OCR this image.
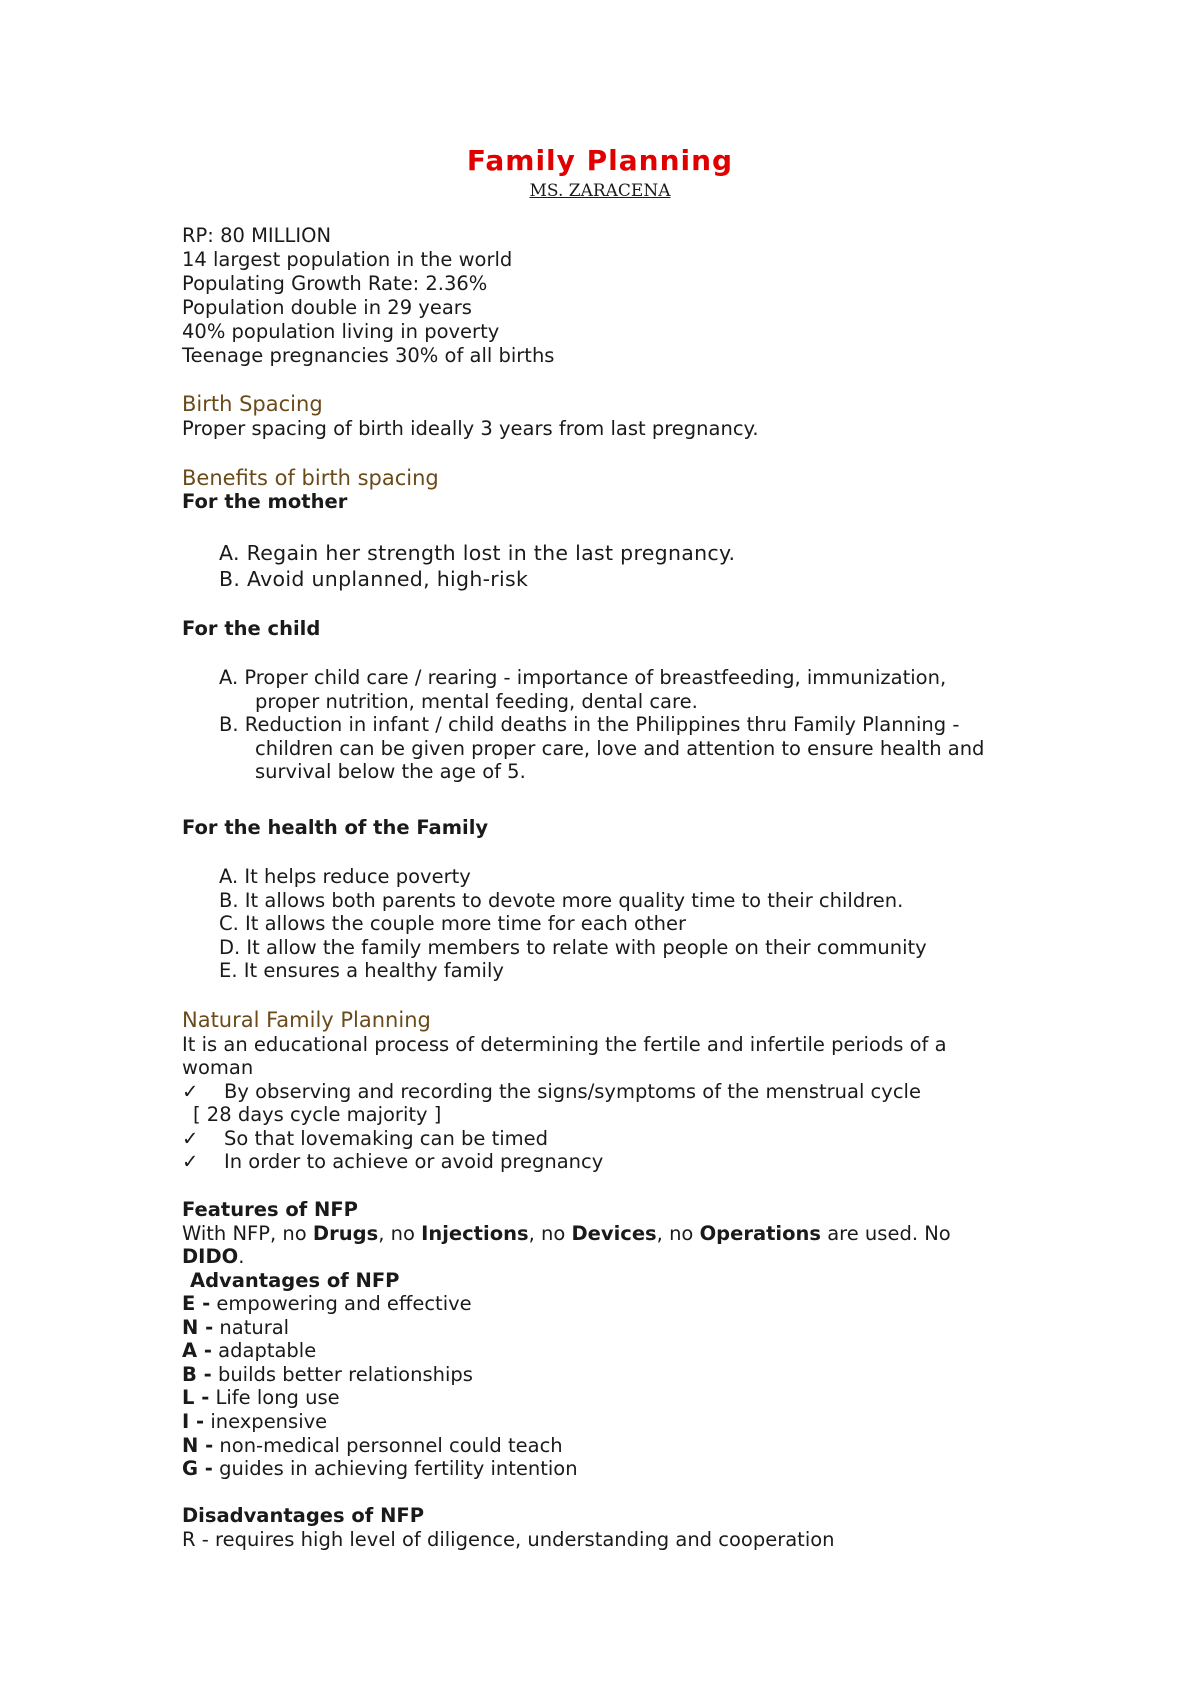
Family Planning
MS. ZARACENA
RP: 80 MILLION
14 largest population in the world
Populating Growth Rate: 2.36%
Population double in 29 years
40% population living in poverty
Teenage pregnancies 30% of all births
Birth Spacing
Proper spacing of birth ideally 3 years from last pregnancy.
Benefits of birth spacing
For the mother
A. Regain her strength lost in the last pregnancy.
B. Avoid unplanned, high-risk
For the child
A. Proper child care / rearing - importance of breastfeeding, immunization,
proper nutrition, mental feeding, dental care.
B. Reduction in infant / child deaths in the Philippines thru Family Planning -
children can be given proper care, love and attention to ensure health and
survival below the age of 5.
For the health of the Family
A. It helps reduce poverty
B. It allows both parents to devote more quality time to their children.
C. It allows the couple more time for each other
D. It allow the family members to relate with people on their community
E. It ensures a healthy family
Natural Family Planning
It is an educational process of determining the fertile and infertile periods of a
woman
✓ By observing and recording the signs/symptoms of the menstrual cycle
[ 28 days cycle majority ]
✓ So that lovemaking can be timed
✓ In order to achieve or avoid pregnancy
Features of NFP
With NFP, no Drugs, no Injections, no Devices, no Operations are used. No
DIDO.
Advantages of NFP
E - empowering and effective
N - natural
A - adaptable
B - builds better relationships
L - Life long use
I - inexpensive
N - non-medical personnel could teach
G - guides in achieving fertility intention
Disadvantages of NFP
R - requires high level of diligence, understanding and cooperation
